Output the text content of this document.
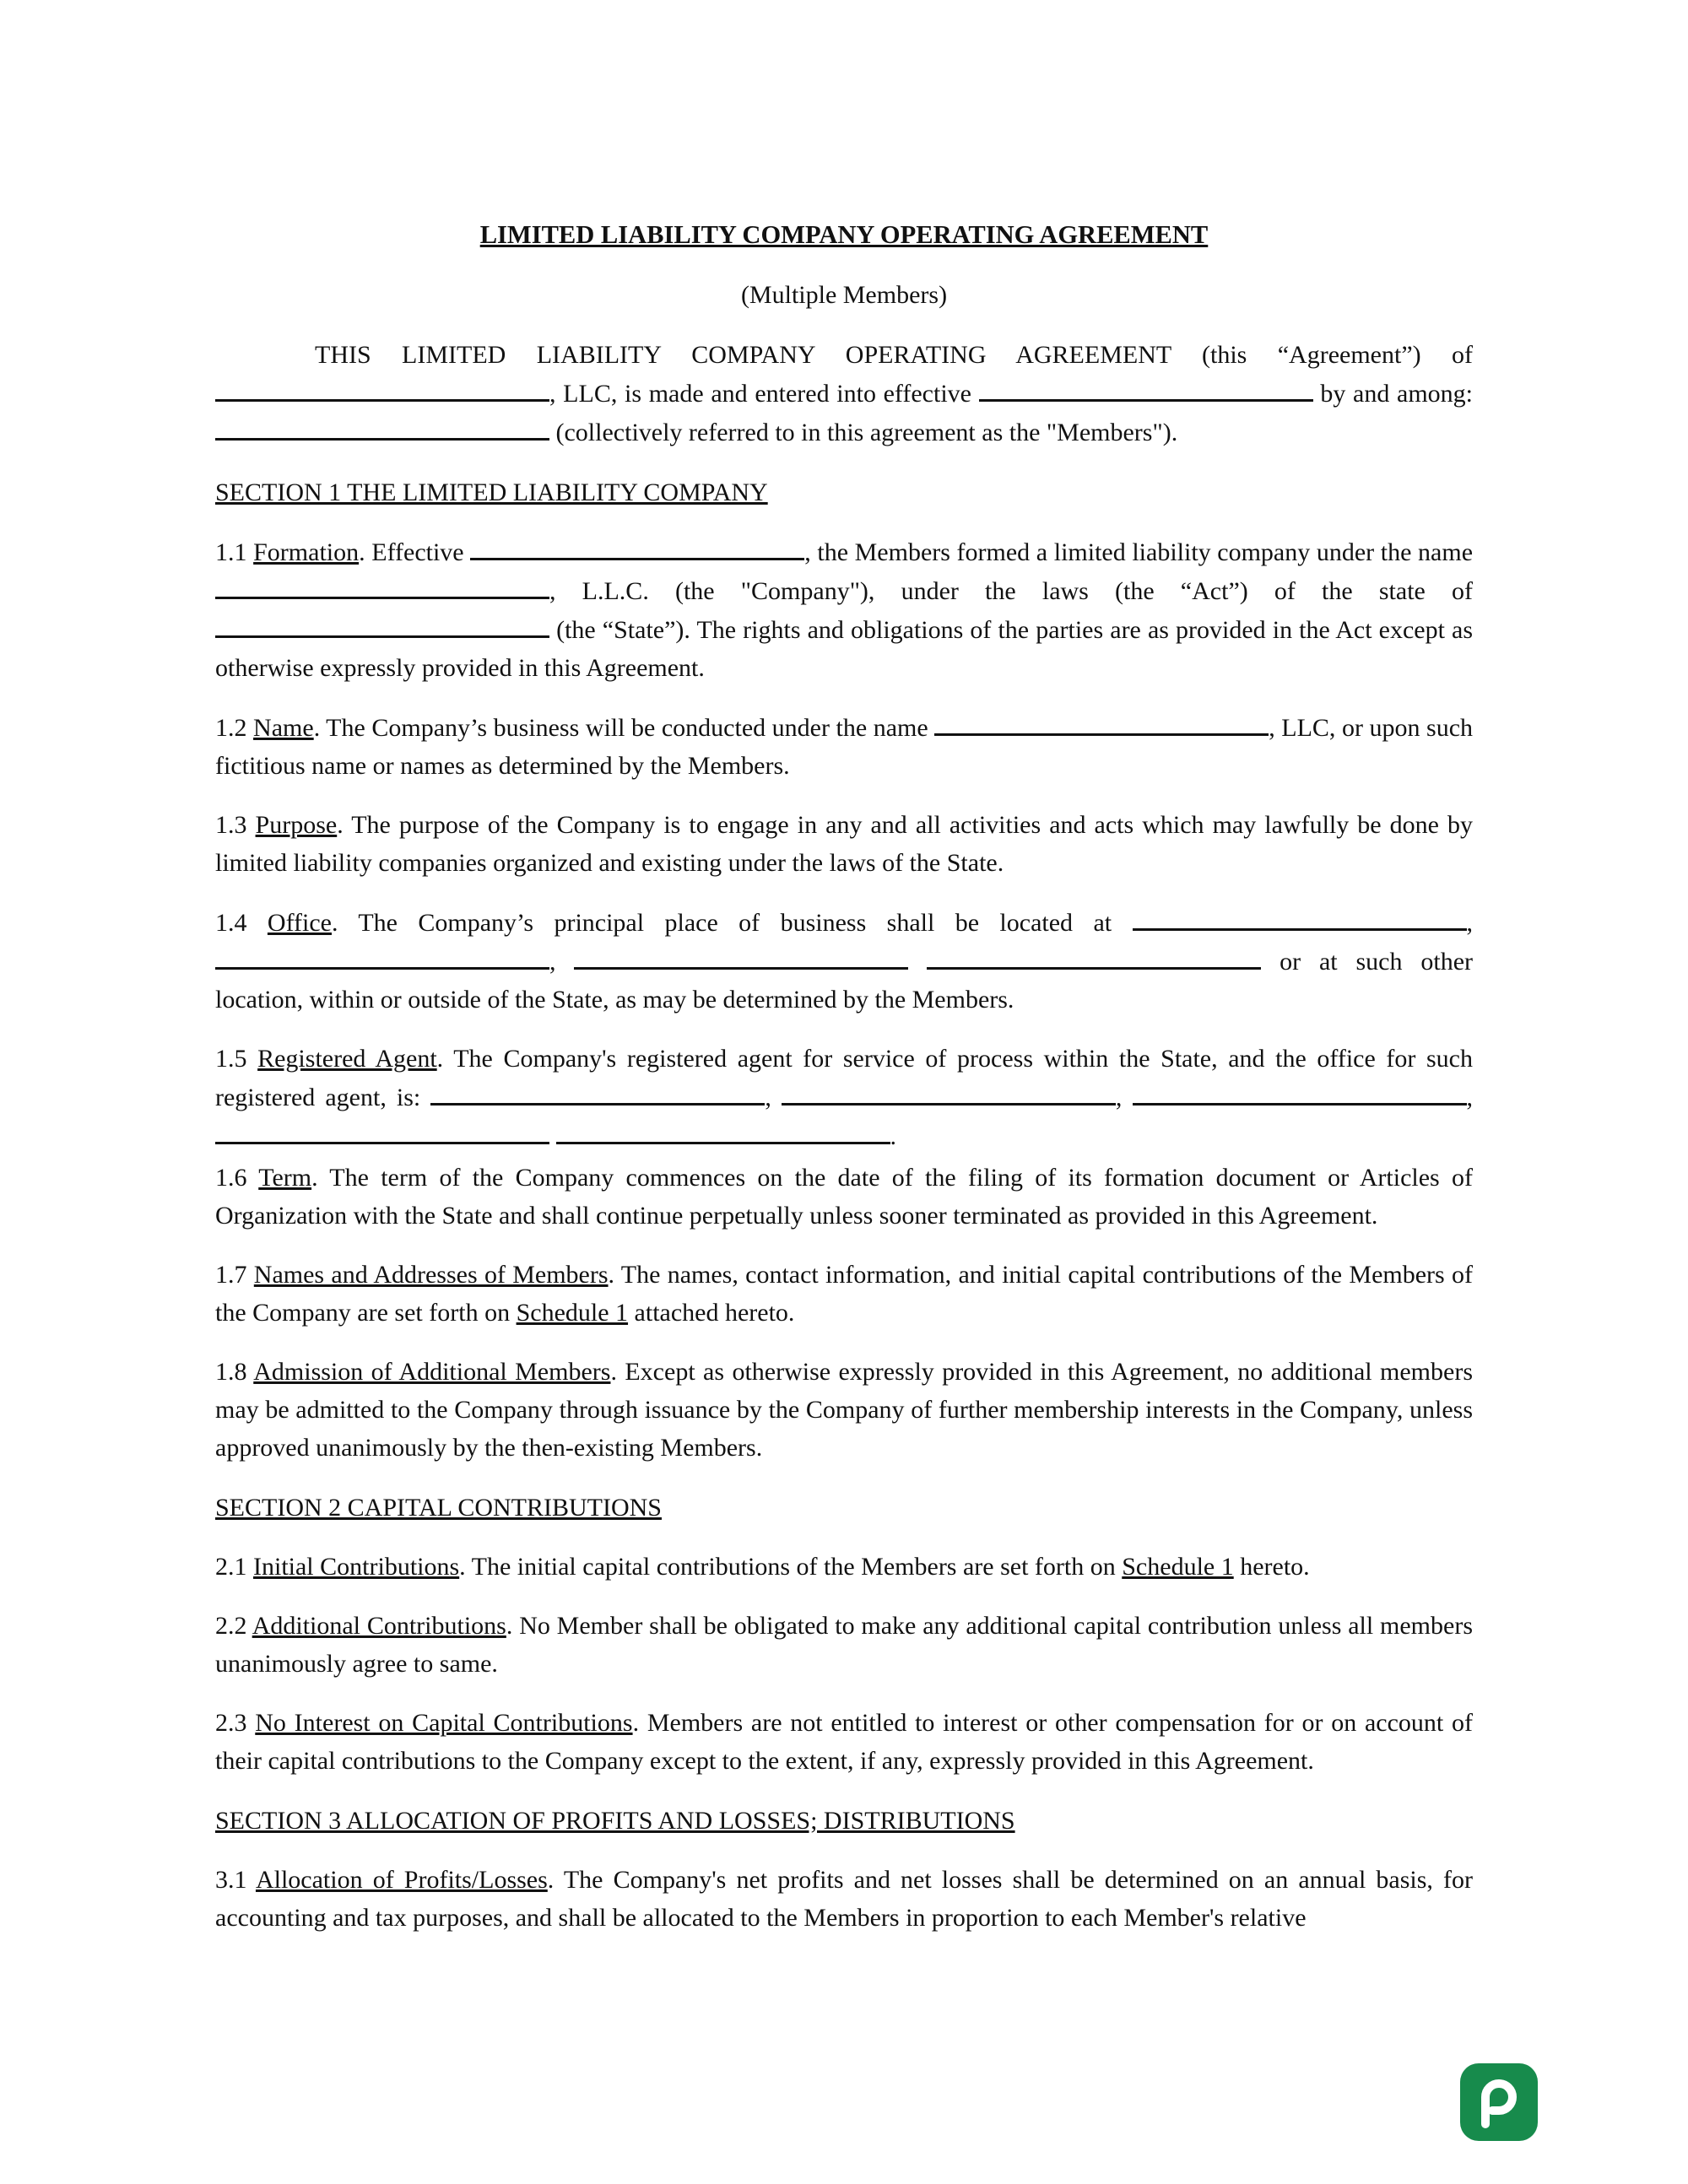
LIMITED LIABILITY COMPANY OPERATING AGREEMENT

(Multiple Members)

THIS LIMITED LIABILITY COMPANY OPERATING AGREEMENT (this “Agreement”) of , LLC, is made and entered into effective	by and among:  (collectively referred to in this agreement as the "Members").

SECTION 1 THE LIMITED LIABILITY COMPANY

1.1 Formation. Effective	, the Members formed a limited liability company under the name , L.L.C. (the "Company"), under the laws (the “Act”) of the state of  (the “State”). The rights and obligations of the parties are as provided in the Act except as otherwise expressly provided in this Agreement.

1.2 Name. The Company’s business will be conducted under the name	, LLC, or upon such fictitious name or names as determined by the Members.

1.3 Purpose. The purpose of the Company is to engage in any and all activities and acts which may lawfully be done by limited liability companies organized and existing under the laws of the State.

1.4 Office. The Company’s principal place of business shall be located at	, ,	or at such other location, within or outside of the State, as may be determined by the Members.

1.5 Registered Agent. The Company's registered agent for service of process within the State, and the office for such registered agent, is:	,	,	,  .

1.6 Term. The term of the Company commences on the date of the filing of its formation document or Articles of Organization with the State and shall continue perpetually unless sooner terminated as provided in this Agreement.

1.7 Names and Addresses of Members. The names, contact information, and initial capital contributions of the Members of the Company are set forth on Schedule 1 attached hereto.

1.8 Admission of Additional Members. Except as otherwise expressly provided in this Agreement, no additional members may be admitted to the Company through issuance by the Company of further membership interests in the Company, unless approved unanimously by the then-existing Members.

SECTION 2 CAPITAL CONTRIBUTIONS

2.1 Initial Contributions. The initial capital contributions of the Members are set forth on Schedule 1 hereto.

2.2 Additional Contributions. No Member shall be obligated to make any additional capital contribution unless all members unanimously agree to same.

2.3 No Interest on Capital Contributions. Members are not entitled to interest or other compensation for or on account of their capital contributions to the Company except to the extent, if any, expressly provided in this Agreement.

SECTION 3 ALLOCATION OF PROFITS AND LOSSES; DISTRIBUTIONS

3.1 Allocation of Profits/Losses. The Company's net profits and net losses shall be determined on an annual basis, for accounting and tax purposes, and shall be allocated to the Members in proportion to each Member's relative
